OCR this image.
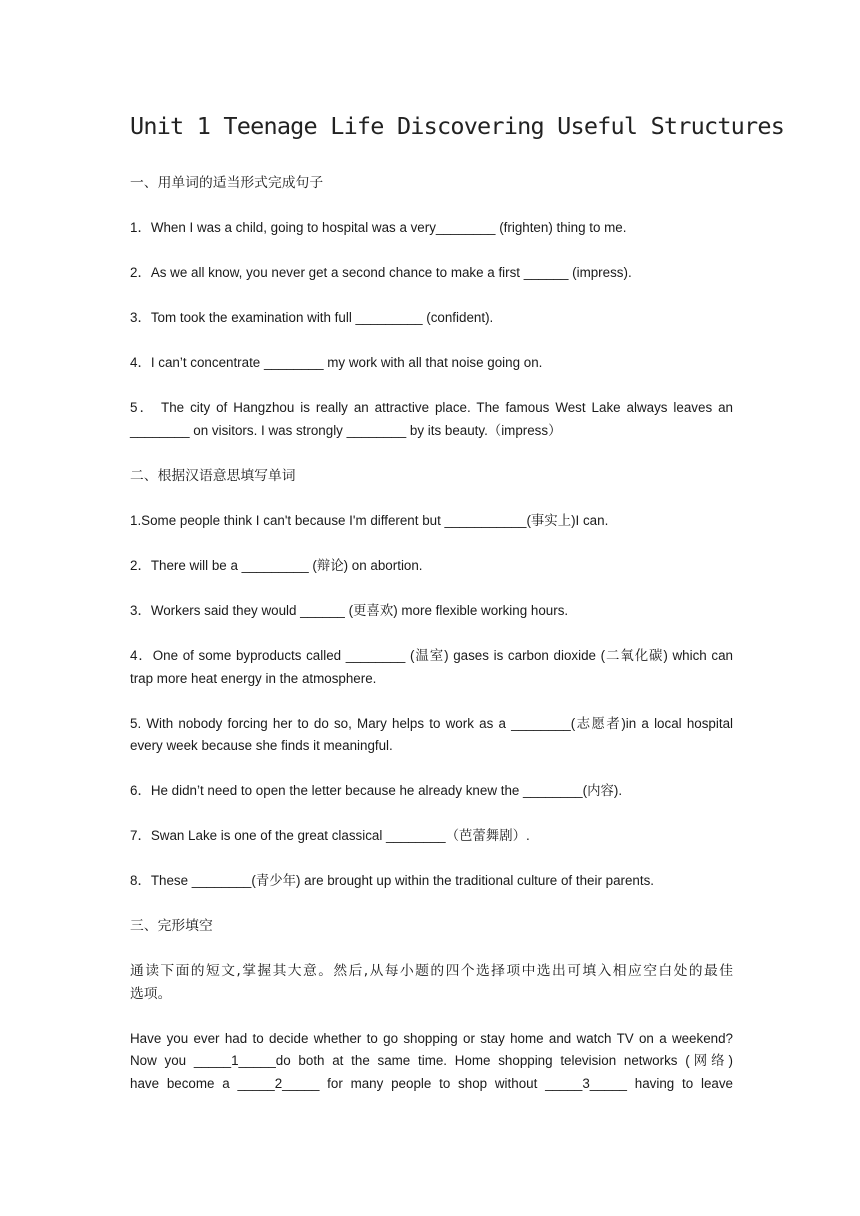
Unit 1 Teenage Life Discovering Useful Structures
一、用单词的适当形式完成句子
1．When I was a child, going to hospital was a very________ (frighten) thing to me.
2．As we all know, you never get a second chance to make a first ______ (impress).
3．Tom took the examination with full _________ (confident).
4．I can’t concentrate ________ my work with all that noise going on.
5． The city of Hangzhou is really an attractive place. The famous West Lake always leaves an
________ on visitors. I was strongly ________ by its beauty.（impress）
二、根据汉语意思填写单词
1.Some people think I can't because I'm different but ___________(事实上)I can.
2．There will be a _________ (辩论) on abortion.
3．Workers said they would ______ (更喜欢) more flexible working hours.
4．One of some byproducts called ________ (温室) gases is carbon dioxide (二氧化碳) which can
trap more heat energy in the atmosphere.
5. With nobody forcing her to do so, Mary helps to work as a ________(志愿者)in a local hospital
every week because she finds it meaningful.
6．He didn’t need to open the letter because he already knew the ________(内容).
7．Swan Lake is one of the great classical ________（芭蕾舞剧）.
8．These ________(青少年) are brought up within the traditional culture of their parents.
三、完形填空
通读下面的短文,掌握其大意。然后,从每小题的四个选择项中选出可填入相应空白处的最佳
选项。
Have you ever had to decide whether to go shopping or stay home and watch TV on a weekend?
Now you _____1_____do both at the same time. Home shopping television networks (网络)
have become a _____2_____ for many people to shop without _____3_____ having to leave
